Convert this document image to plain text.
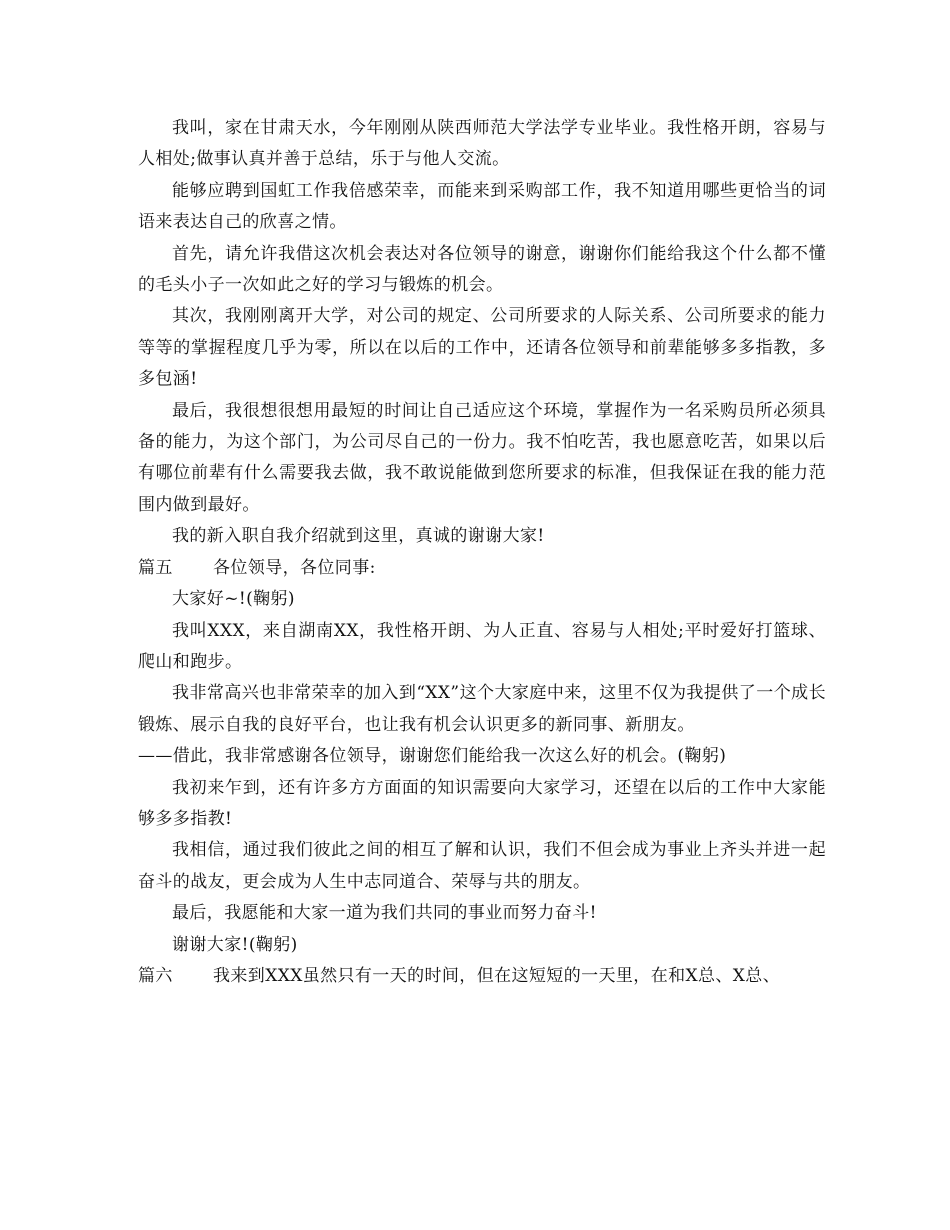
我叫，家在甘肃天水，今年刚刚从陕西师范大学法学专业毕业。我性格开朗，容易与人相处;做事认真并善于总结，乐于与他人交流。

能够应聘到国虹工作我倍感荣幸，而能来到采购部工作，我不知道用哪些更恰当的词语来表达自己的欣喜之情。

首先，请允许我借这次机会表达对各位领导的谢意，谢谢你们能给我这个什么都不懂的毛头小子一次如此之好的学习与锻炼的机会。

其次，我刚刚离开大学，对公司的规定、公司所要求的人际关系、公司所要求的能力等等的掌握程度几乎为零，所以在以后的工作中，还请各位领导和前辈能够多多指教，多多包涵!

最后，我很想很想用最短的时间让自己适应这个环境，掌握作为一名采购员所必须具备的能力，为这个部门，为公司尽自己的一份力。我不怕吃苦，我也愿意吃苦，如果以后有哪位前辈有什么需要我去做，我不敢说能做到您所要求的标准，但我保证在我的能力范围内做到最好。

我的新入职自我介绍就到这里，真诚的谢谢大家!

篇五 各位领导，各位同事:

大家好~!(鞠躬)

我叫XXX，来自湖南XX，我性格开朗、为人正直、容易与人相处;平时爱好打篮球、爬山和跑步。

我非常高兴也非常荣幸的加入到“XX”这个大家庭中来，这里不仅为我提供了一个成长锻炼、展示自我的良好平台，也让我有机会认识更多的新同事、新朋友。

——借此，我非常感谢各位领导，谢谢您们能给我一次这么好的机会。(鞠躬)

我初来乍到，还有许多方方面面的知识需要向大家学习，还望在以后的工作中大家能够多多指教!

我相信，通过我们彼此之间的相互了解和认识，我们不但会成为事业上齐头并进一起奋斗的战友，更会成为人生中志同道合、荣辱与共的朋友。

最后，我愿能和大家一道为我们共同的事业而努力奋斗!

谢谢大家!(鞠躬)

篇六 我来到XXX虽然只有一天的时间，但在这短短的一天里，在和X总、X总、
